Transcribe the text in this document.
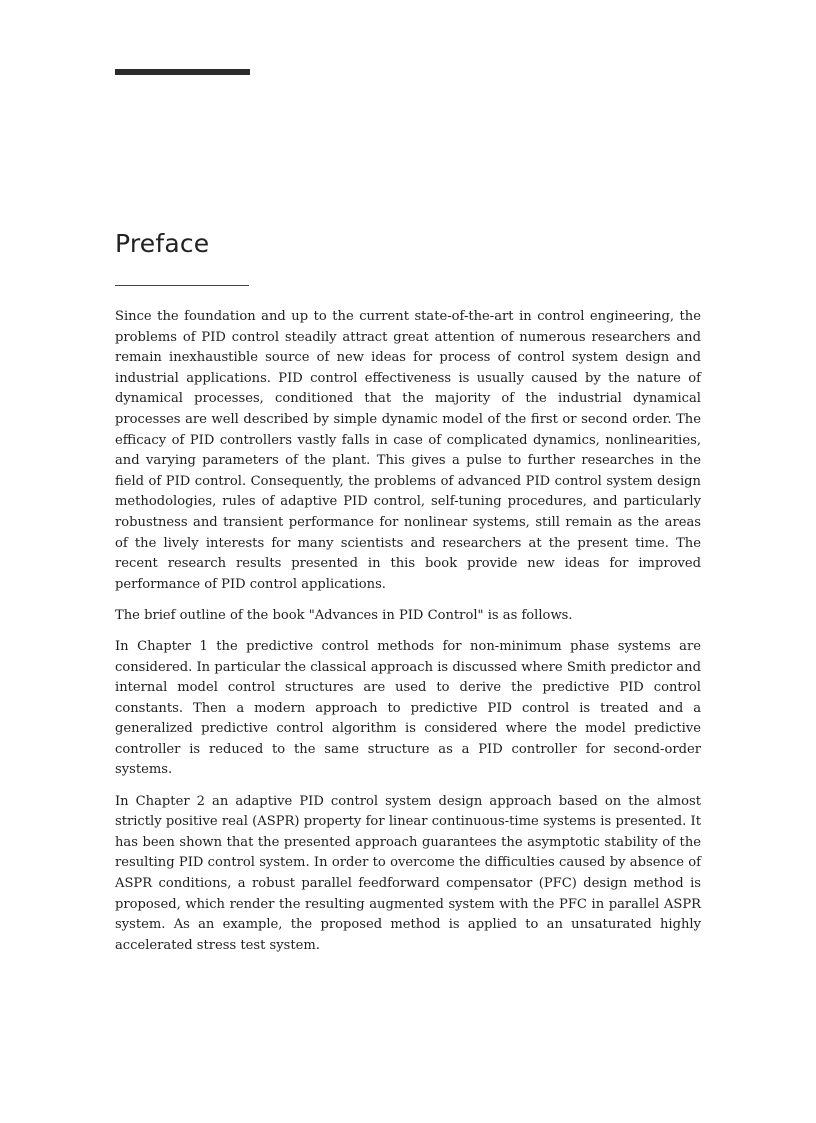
Preface

Since the foundation and up to the current state-of-the-art in control engineering, the problems of PID control steadily attract great attention of numerous researchers and remain inexhaustible source of new ideas for process of control system design and industrial applications. PID control effectiveness is usually caused by the nature of dynamical processes, conditioned that the majority of the industrial dynamical processes are well described by simple dynamic model of the first or second order. The efficacy of PID controllers vastly falls in case of complicated dynamics, nonlinearities, and varying parameters of the plant. This gives a pulse to further researches in the field of PID control. Consequently, the problems of advanced PID control system design methodologies, rules of adaptive PID control, self-tuning procedures, and particularly robustness and transient performance for nonlinear systems, still remain as the areas of the lively interests for many scientists and researchers at the present time. The recent research results presented in this book provide new ideas for improved performance of PID control applications.

The brief outline of the book "Advances in PID Control" is as follows.

In Chapter 1 the predictive control methods for non-minimum phase systems are considered. In particular the classical approach is discussed where Smith predictor and internal model control structures are used to derive the predictive PID control constants. Then a modern approach to predictive PID control is treated and a generalized predictive control algorithm is considered where the model predictive controller is reduced to the same structure as a PID controller for second-order systems.

In Chapter 2 an adaptive PID control system design approach based on the almost strictly positive real (ASPR) property for linear continuous-time systems is presented. It has been shown that the presented approach guarantees the asymptotic stability of the resulting PID control system. In order to overcome the difficulties caused by absence of ASPR conditions, a robust parallel feedforward compensator (PFC) design method is proposed, which render the resulting augmented system with the PFC in parallel ASPR system. As an example, the proposed method is applied to an unsaturated highly accelerated stress test system.
